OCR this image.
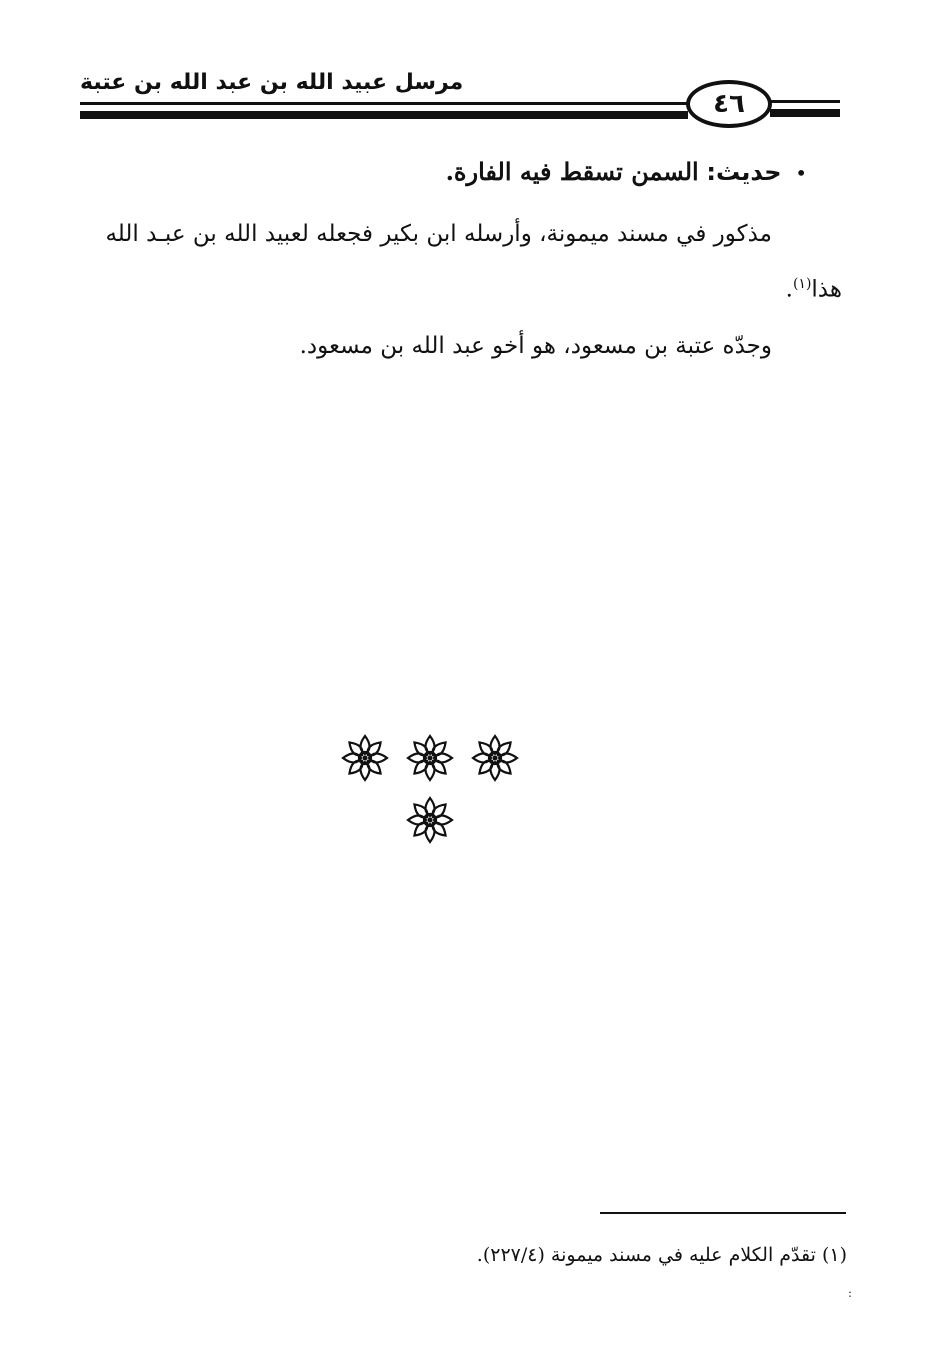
مرسل عبيد الله بن عبد الله بن عتبة
٤٦
• حديث: السمن تسقط فيه الفارة.
مذكور في مسند ميمونة، وأرسله ابن بكير فجعله لعبيد الله بن عبـد الله
هذا$^{(١)}$.
وجدّه عتبة بن مسعود، هو أخو عبد الله بن مسعود.
(١) تقدّم الكلام عليه في مسند ميمونة (٢٢٧/٤).
:
